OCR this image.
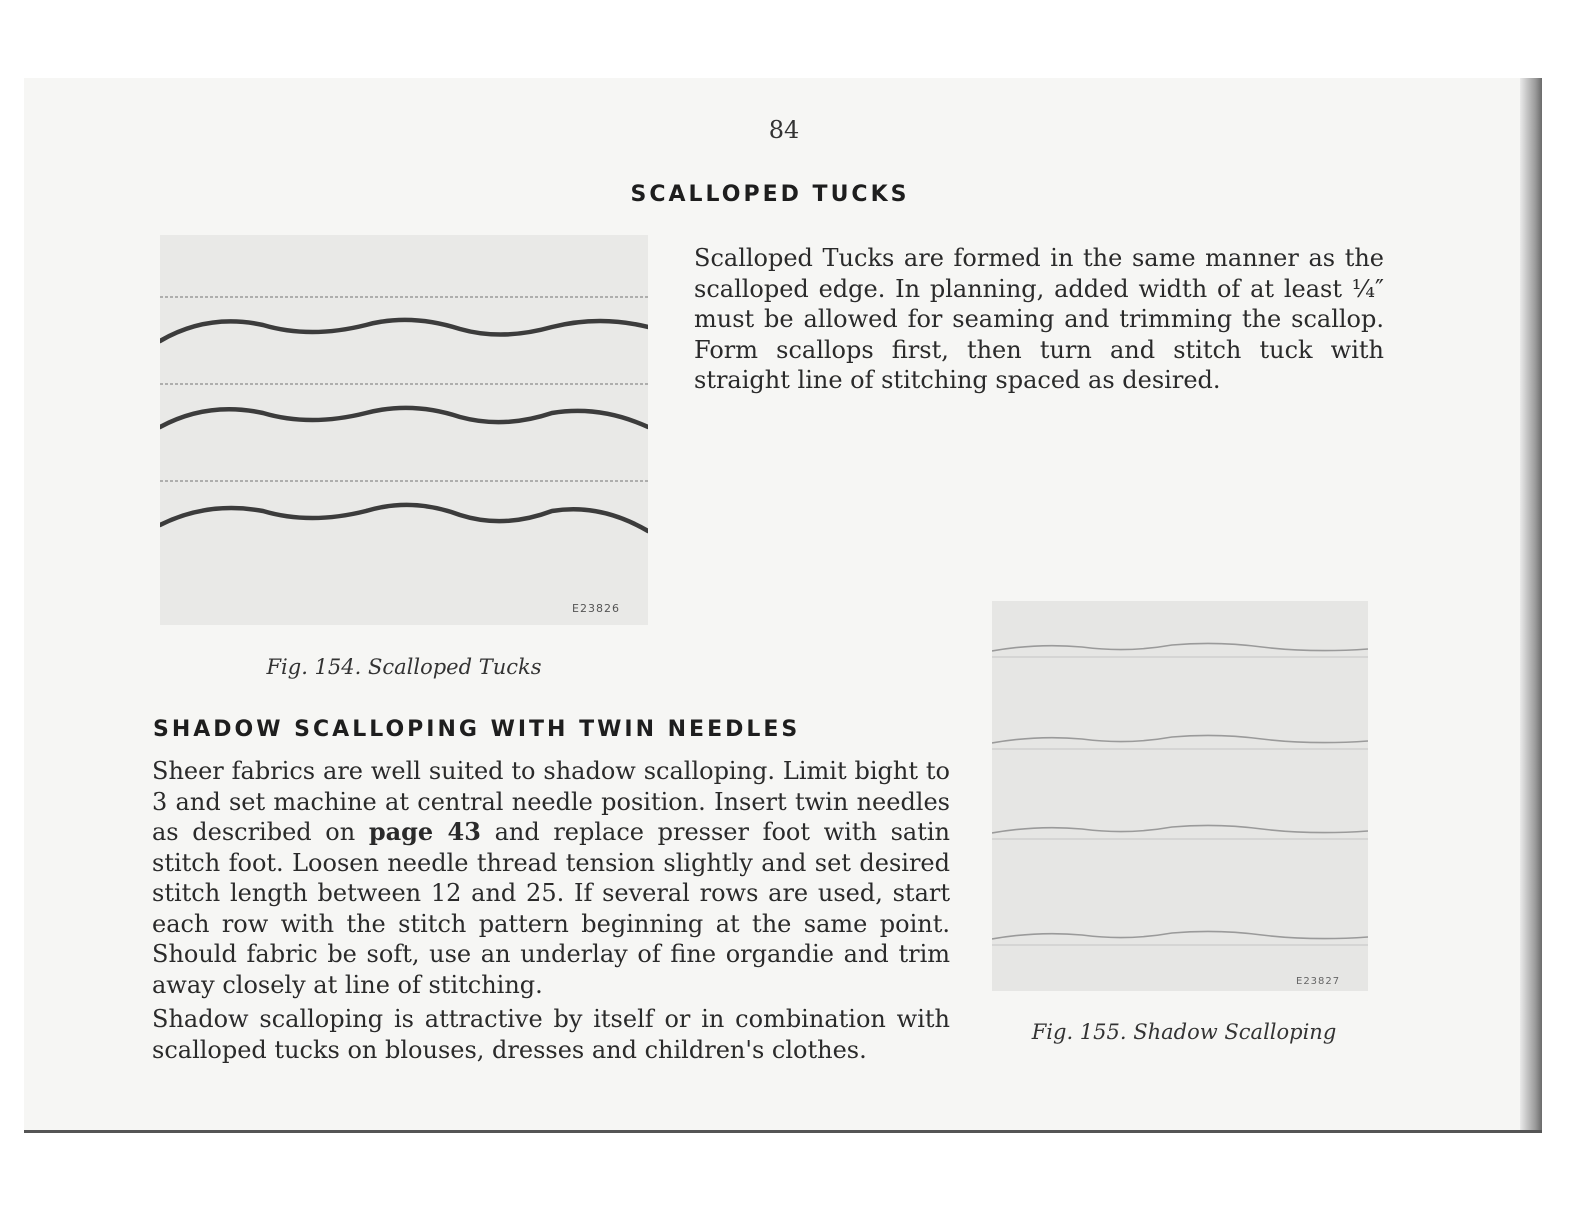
84
SCALLOPED TUCKS
Fig. 154. Scalloped Tucks
E23826

Scalloped Tucks are formed in the same manner as the scalloped edge. In planning, added width of at least ¼″ must be allowed for seaming and trimming the scallop. Form scallops first, then turn and stitch tuck with straight line of stitching spaced as desired.

SHADOW SCALLOPING WITH TWIN NEEDLES

Sheer fabrics are well suited to shadow scalloping. Limit bight to 3 and set machine at central needle position. Insert twin needles as described on page 43 and replace presser foot with satin stitch foot. Loosen needle thread tension slightly and set desired stitch length between 12 and 25. If several rows are used, start each row with the stitch pattern beginning at the same point. Should fabric be soft, use an underlay of fine organdie and trim away closely at line of stitching.

Shadow scalloping is attractive by itself or in combination with scalloped tucks on blouses, dresses and children's clothes.

E23827
Fig. 155. Shadow Scalloping
